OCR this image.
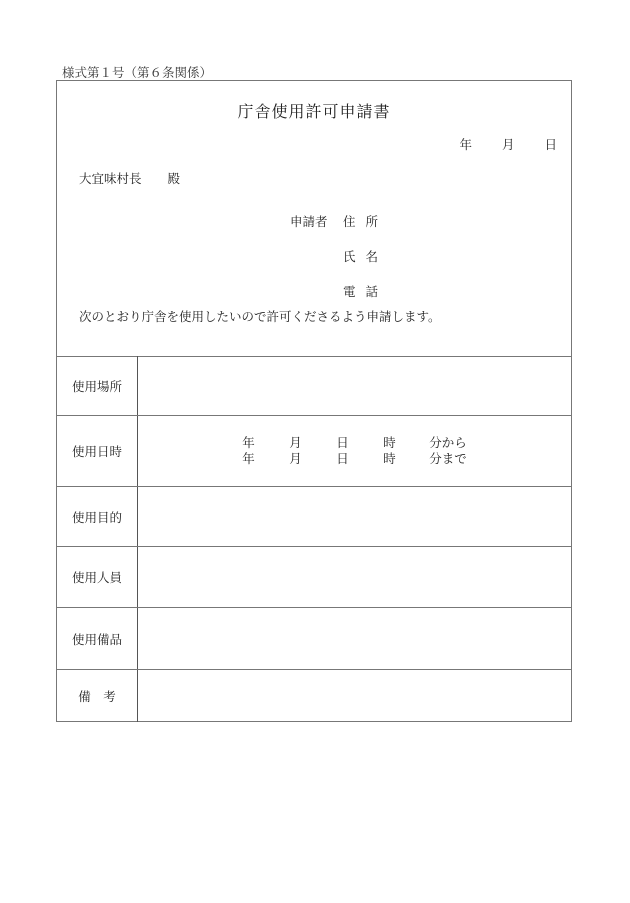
様式第１号（第６条関係）
庁舎使用許可申請書
年 月 日
大宜味村長 殿
申請者	住所
氏名
電話
次のとおり庁舎を使用したいので許可くださるよう申請します。
使用場所
使用日時
年	月	日	時	分から
年	月	日	時	分まで
使用目的
使用人員
使用備品
備　考
